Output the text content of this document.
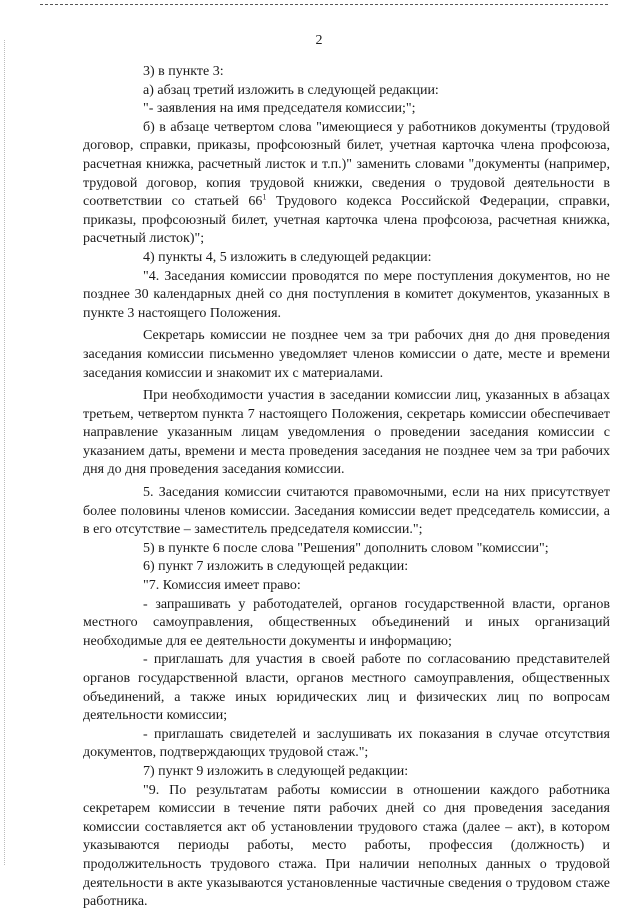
2

3) в пункте 3:

а) абзац третий изложить в следующей редакции:

"- заявления на имя председателя комиссии;";

б) в абзаце четвертом слова "имеющиеся у работников документы (трудовой договор, справки, приказы, профсоюзный билет, учетная карточка члена профсоюза, расчетная книжка, расчетный листок и т.п.)" заменить словами "документы (например, трудовой договор, копия трудовой книжки, сведения о трудовой деятельности в соответствии со статьей $66^1$ Трудового кодекса Российской Федерации, справки, приказы, профсоюзный билет, учетная карточка члена профсоюза, расчетная книжка, расчетный листок)";

4) пункты 4, 5 изложить в следующей редакции:

"4. Заседания комиссии проводятся по мере поступления документов, но не позднее 30 календарных дней со дня поступления в комитет документов, указанных в пункте 3 настоящего Положения.

Секретарь комиссии не позднее чем за три рабочих дня до дня проведения заседания комиссии письменно уведомляет членов комиссии о дате, месте и времени заседания комиссии и знакомит их с материалами.

При необходимости участия в заседании комиссии лиц, указанных в абзацах третьем, четвертом пункта 7 настоящего Положения, секретарь комиссии обеспечивает направление указанным лицам уведомления о проведении заседания комиссии с указанием даты, времени и места проведения заседания не позднее чем за три рабочих дня до дня проведения заседания комиссии.

5. Заседания комиссии считаются правомочными, если на них присутствует более половины членов комиссии. Заседания комиссии ведет председатель комиссии, а в его отсутствие – заместитель председателя комиссии.";

5) в пункте 6 после слова "Решения" дополнить словом "комиссии";

6) пункт 7 изложить в следующей редакции:

"7. Комиссия имеет право:

- запрашивать у работодателей, органов государственной власти, органов местного самоуправления, общественных объединений и иных организаций необходимые для ее деятельности документы и информацию;

- приглашать для участия в своей работе по согласованию представителей органов государственной власти, органов местного самоуправления, общественных объединений, а также иных юридических лиц и физических лиц по вопросам деятельности комиссии;

- приглашать свидетелей и заслушивать их показания в случае отсутствия документов, подтверждающих трудовой стаж.";

7) пункт 9 изложить в следующей редакции:

"9. По результатам работы комиссии в отношении каждого работника секретарем комиссии в течение пяти рабочих дней со дня проведения заседания комиссии составляется акт об установлении трудового стажа (далее – акт), в котором указываются периоды работы, место работы, профессия (должность) и продолжительность трудового стажа. При наличии неполных данных о трудовой деятельности в акте указываются установленные частичные сведения о трудовом стаже работника.
